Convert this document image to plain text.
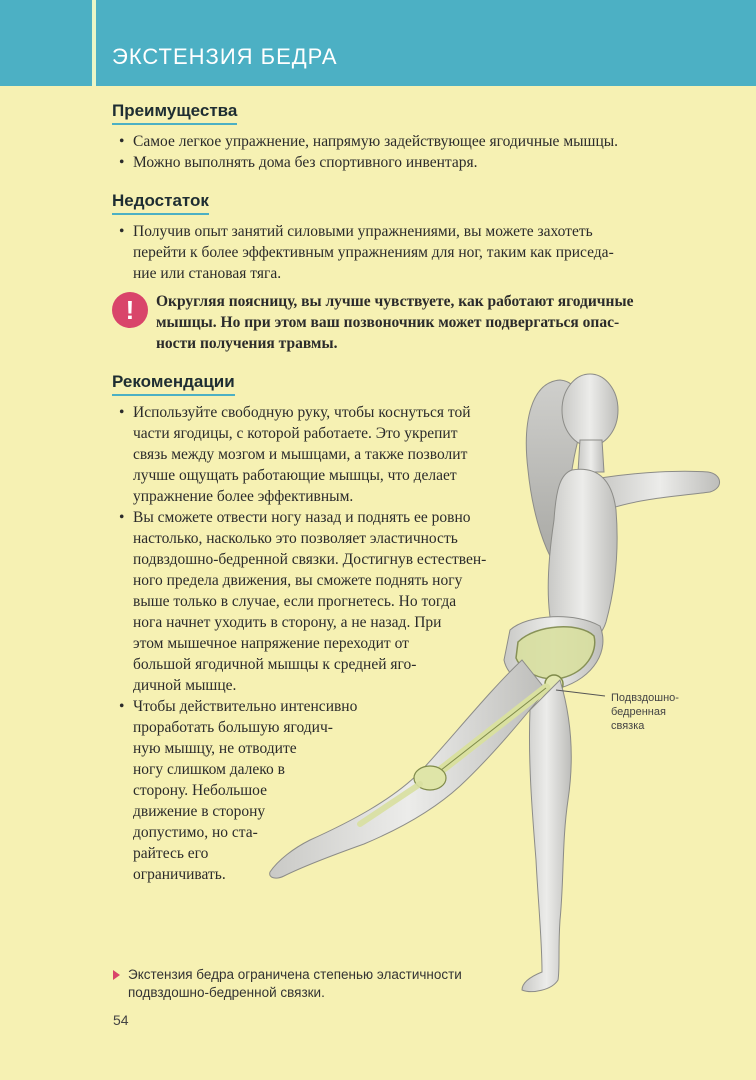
ЭКСТЕНЗИЯ БЕДРА
Преимущества
• Самое легкое упражнение, напрямую задействующее ягодичные мышцы.
• Можно выполнять дома без спортивного инвентаря.
Недостаток
• Получив опыт занятий силовыми упражнениями, вы можете захотеть
перейти к более эффективным упражнениям для ног, таким как приседа-
ние или становая тяга.
!	Округляя поясницу, вы лучше чувствуете, как работают ягодичные
мышцы. Но при этом ваш позвоночник может подвергаться опас-
ности получения травмы.
Подвздошно-
бедренная
связка
Рекомендации
• Используйте свободную руку, чтобы коснуться той
части ягодицы, с которой работаете. Это укрепит
связь между мозгом и мышцами, а также позволит
лучше ощущать работающие мышцы, что делает
упражнение более эффективным.
• Вы сможете отвести ногу назад и поднять ее ровно
настолько, насколько это позволяет эластичность
подвздошно-бедренной связки. Достигнув естествен-
ного предела движения, вы сможете поднять ногу
выше только в случае, если прогнетесь. Но тогда
нога начнет уходить в сторону, а не назад. При
этом мышечное напряжение переходит от
большой ягодичной мышцы к средней яго-
дичной мышце.
• Чтобы действительно интенсивно
проработать большую ягодич-
ную мышцу, не отводите
ногу слишком далеко в
сторону. Небольшое
движение в сторону
допустимо, но ста-
райтесь его
ограничивать.
Экстензия бедра ограничена степенью эластичности
подвздошно-бедренной связки.
54
